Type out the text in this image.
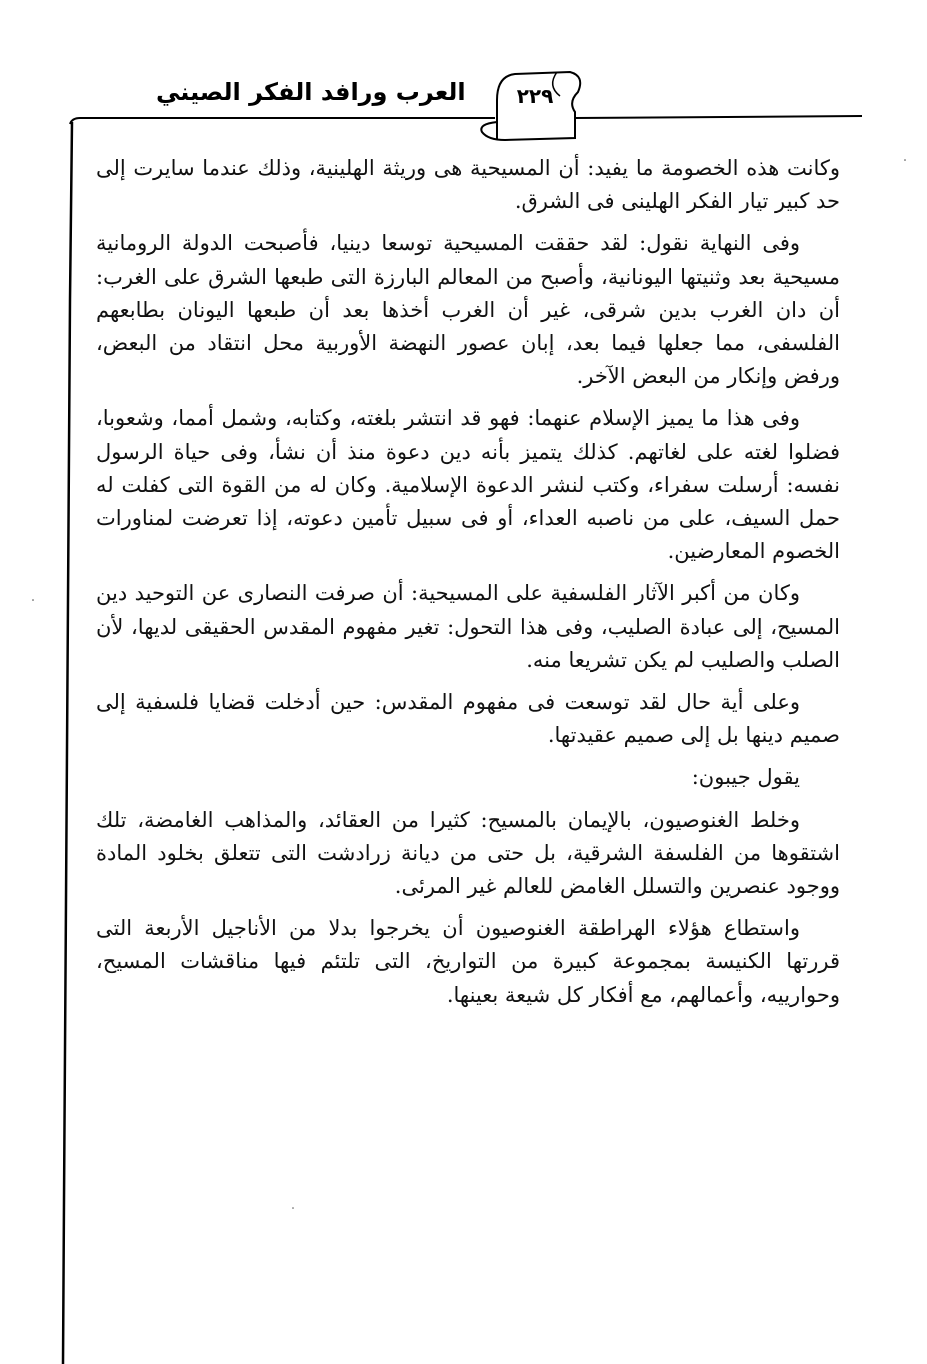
العرب ورافد الفكر الصيني	٢٢٩
وكانت هذه الخصومة ما يفيد: أن المسيحية هى وريثة الهلينية، وذلك عندما سايرت إلى حد كبير تيار الفكر الهلينى فى الشرق.
وفى النهاية نقول: لقد حققت المسيحية توسعا دينيا، فأصبحت الدولة الرومانية مسيحية بعد وثنيتها اليونانية، وأصبح من المعالم البارزة التى طبعها الشرق على الغرب: أن دان الغرب بدين شرقى، غير أن الغرب أخذها بعد أن طبعها اليونان بطابعهم الفلسفى، مما جعلها فيما بعد، إبان عصور النهضة الأوربية محل انتقاد من البعض، ورفض وإنكار من البعض الآخر.
وفى هذا ما يميز الإسلام عنهما: فهو قد انتشر بلغته، وكتابه، وشمل أمما، وشعوبا، فضلوا لغته على لغاتهم. كذلك يتميز بأنه دين دعوة منذ أن نشأ، وفى حياة الرسول نفسه: أرسلت سفراء، وكتب لنشر الدعوة الإسلامية. وكان له من القوة التى كفلت له حمل السيف، على من ناصبه العداء، أو فى سبيل تأمين دعوته، إذا تعرضت لمناورات الخصوم المعارضين.
وكان من أكبر الآثار الفلسفية على المسيحية: أن صرفت النصارى عن التوحيد دين المسيح، إلى عبادة الصليب، وفى هذا التحول: تغير مفهوم المقدس الحقيقى لديها، لأن الصلب والصليب لم يكن تشريعا منه.
وعلى أية حال لقد توسعت فى مفهوم المقدس: حين أدخلت قضايا فلسفية إلى صميم دينها بل إلى صميم عقيدتها.
يقول جيبون:
وخلط الغنوصيون، بالإيمان بالمسيح: كثيرا من العقائد، والمذاهب الغامضة، تلك اشتقوها من الفلسفة الشرقية، بل حتى من ديانة زرادشت التى تتعلق بخلود المادة ووجود عنصرين والتسلل الغامض للعالم غير المرئى.
واستطاع هؤلاء الهراطقة الغنوصيون أن يخرجوا بدلا من الأناجيل الأربعة التى قررتها الكنيسة بمجموعة كبيرة من التواريخ، التى تلتئم فيها مناقشات المسيح، وحوارييه، وأعمالهم، مع أفكار كل شيعة بعينها.
